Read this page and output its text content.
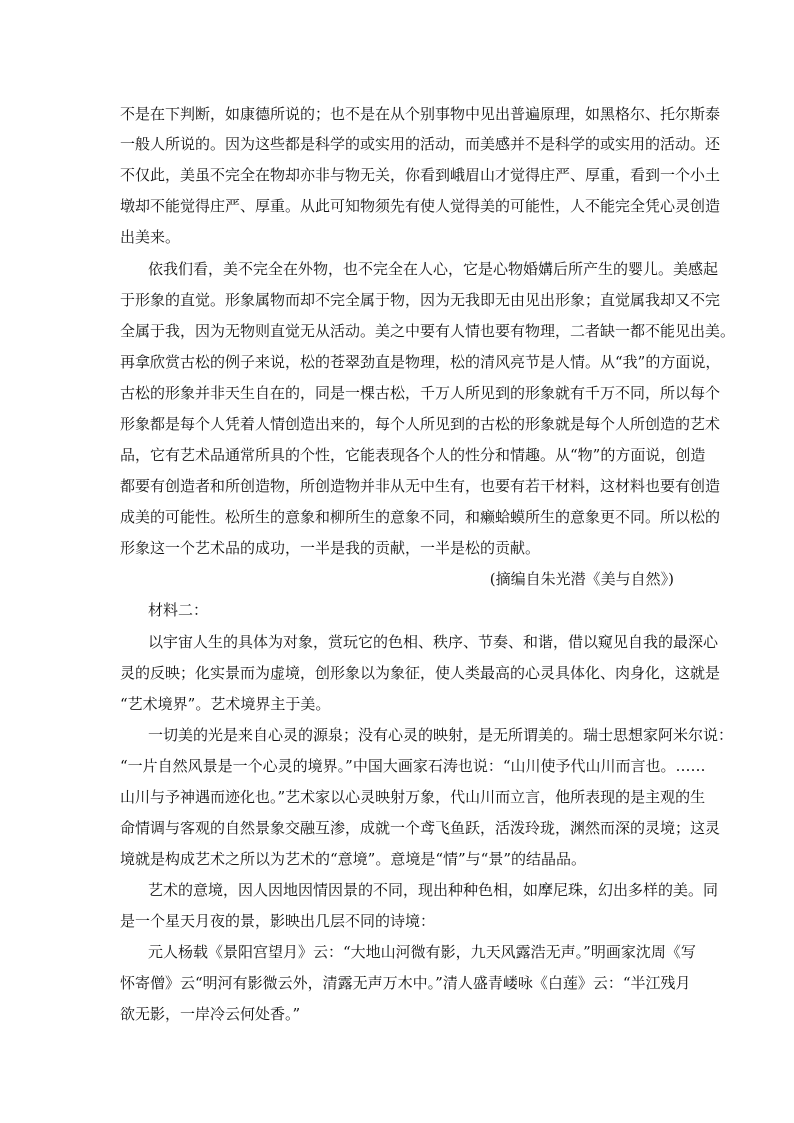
不是在下判断，如康德所说的；也不是在从个别事物中见出普遍原理，如黑格尔、托尔斯泰
一般人所说的。因为这些都是科学的或实用的活动，而美感并不是科学的或实用的活动。还
不仅此，美虽不完全在物却亦非与物无关，你看到峨眉山才觉得庄严、厚重，看到一个小土
墩却不能觉得庄严、厚重。从此可知物须先有使人觉得美的可能性，人不能完全凭心灵创造
出美来。
依我们看，美不完全在外物，也不完全在人心，它是心物婚媾后所产生的婴儿。美感起
于形象的直觉。形象属物而却不完全属于物，因为无我即无由见出形象；直觉属我却又不完
全属于我，因为无物则直觉无从活动。美之中要有人情也要有物理，二者缺一都不能见出美。
再拿欣赏古松的例子来说，松的苍翠劲直是物理，松的清风亮节是人情。从“我”的方面说，
古松的形象并非天生自在的，同是一棵古松，千万人所见到的形象就有千万不同，所以每个
形象都是每个人凭着人情创造出来的，每个人所见到的古松的形象就是每个人所创造的艺术
品，它有艺术品通常所具的个性，它能表现各个人的性分和情趣。从“物”的方面说，创造
都要有创造者和所创造物，所创造物并非从无中生有，也要有若干材料，这材料也要有创造
成美的可能性。松所生的意象和柳所生的意象不同，和癞蛤蟆所生的意象更不同。所以松的
形象这一个艺术品的成功，一半是我的贡献，一半是松的贡献。
(摘编自朱光潜《美与自然》)
材料二：
以宇宙人生的具体为对象，赏玩它的色相、秩序、节奏、和谐，借以窥见自我的最深心
灵的反映；化实景而为虚境，创形象以为象征，使人类最高的心灵具体化、肉身化，这就是
“艺术境界”。艺术境界主于美。
一切美的光是来自心灵的源泉；没有心灵的映射，是无所谓美的。瑞士思想家阿米尔说：
“一片自然风景是一个心灵的境界。”中国大画家石涛也说：“山川使予代山川而言也。……
山川与予神遇而迹化也。”艺术家以心灵映射万象，代山川而立言，他所表现的是主观的生
命情调与客观的自然景象交融互渗，成就一个鸢飞鱼跃，活泼玲珑，渊然而深的灵境；这灵
境就是构成艺术之所以为艺术的“意境”。意境是“情”与“景”的结晶品。
艺术的意境，因人因地因情因景的不同，现出种种色相，如摩尼珠，幻出多样的美。同
是一个星天月夜的景，影映出几层不同的诗境：
元人杨载《景阳宫望月》云：“大地山河微有影，九天风露浩无声。”明画家沈周《写
怀寄僧》云“明河有影微云外，清露无声万木中。”清人盛青嵝咏《白莲》云：“半江残月
欲无影，一岸冷云何处香。”
